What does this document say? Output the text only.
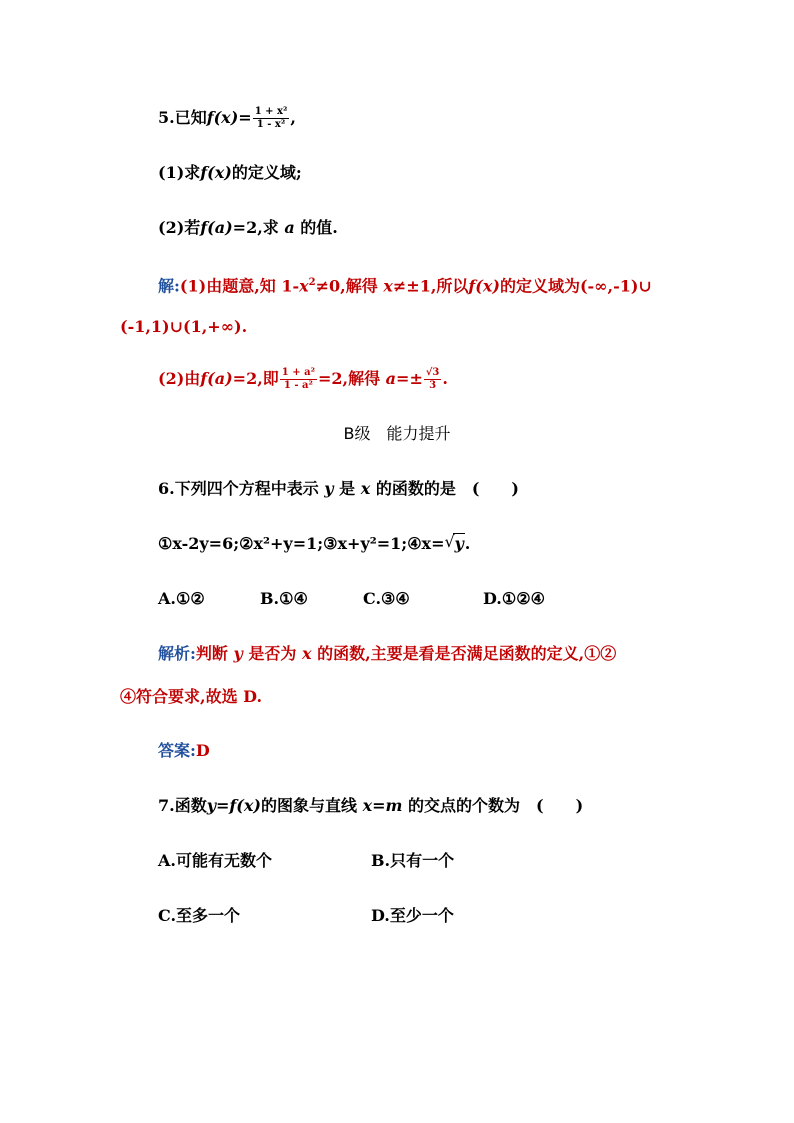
5.已知$f(x)= \frac{\text{1 + x²}}{\text{1 - x²}}$ ,
(1)求f(x)的定义域;
(2)若f(a)=2,求 a 的值.
解:(1)由题意,知 $1-x^2\ne 0$,解得 x≠±1,所以f(x)的定义域为(-∞,-1)∪
(-1,1)∪(1,+∞).
(2)由f(a)=2,即 $\frac{\text{1 + a²}}{\text{1 - a²}} =2$,解得 $a=\pm \frac{√3}{3}$ .
B级　能力提升
6.下列四个方程中表示 y 是 x 的函数的是　(　　)
①x-2y=6;②x²+y=1;③x+y²=1;④x= √ y.
A.①②	B.①④	C.③④	D.①②④
解析:判断 y 是否为 x 的函数,主要是看是否满足函数的定义,①②
④符合要求,故选 D.
答案:D
7.函数y=f(x)的图象与直线 x=m 的交点的个数为　(　　)
A.可能有无数个	B.只有一个
C.至多一个	D.至少一个
